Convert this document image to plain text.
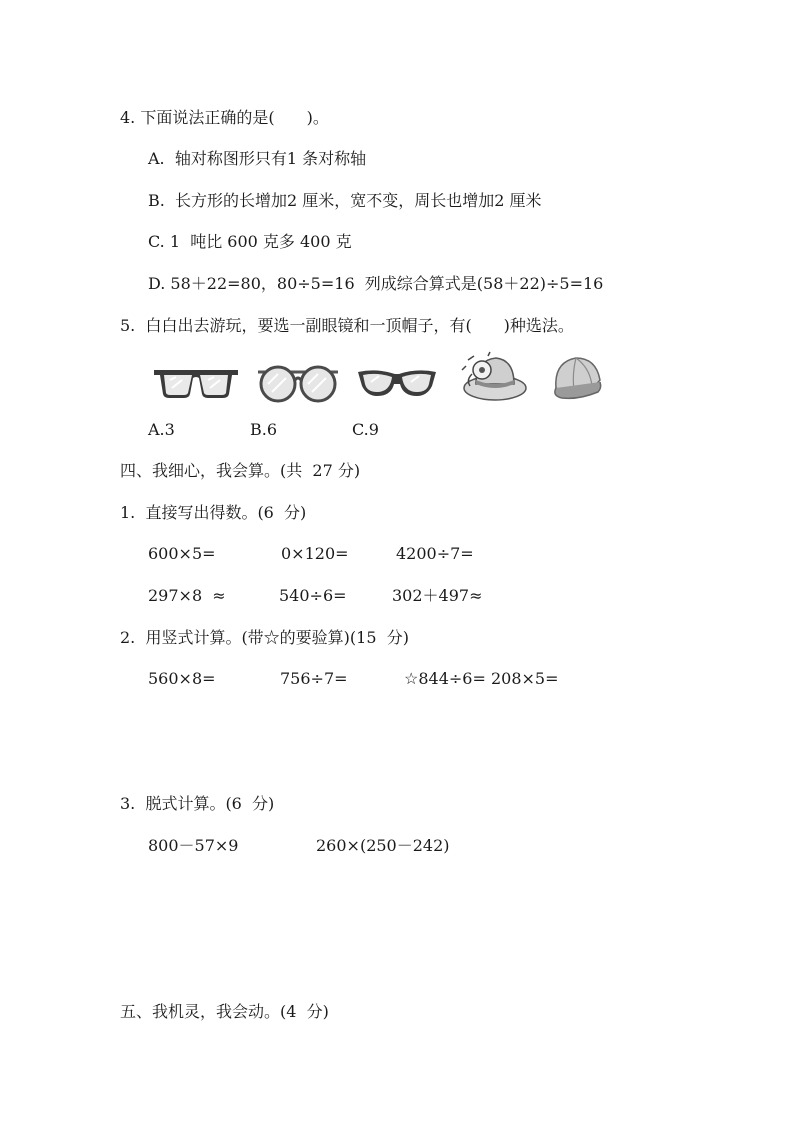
4. 下面说法正确的是(　　)。
A.  轴对称图形只有1 条对称轴
B.  长方形的长增加2 厘米，宽不变，周长也增加2 厘米
C. 1  吨比 600 克多 400 克
D. 58＋22=80，80÷5=16  列成综合算式是(58＋22)÷5=16
5.  白白出去游玩，要选一副眼镜和一顶帽子，有(　　)种选法。
A.3	B.6	C.9
四、我细心，我会算。(共  27 分)
1.  直接写出得数。(6  分)
600×5=	0×120=	4200÷7=
297×8  ≈	540÷6=	302＋497≈
2.  用竖式计算。(带☆的要验算)(15  分)
560×8=	756÷7=	☆844÷6= 208×5=
3.  脱式计算。(6  分)
800－57×9	260×(250－242)
五、我机灵，我会动。(4  分)
